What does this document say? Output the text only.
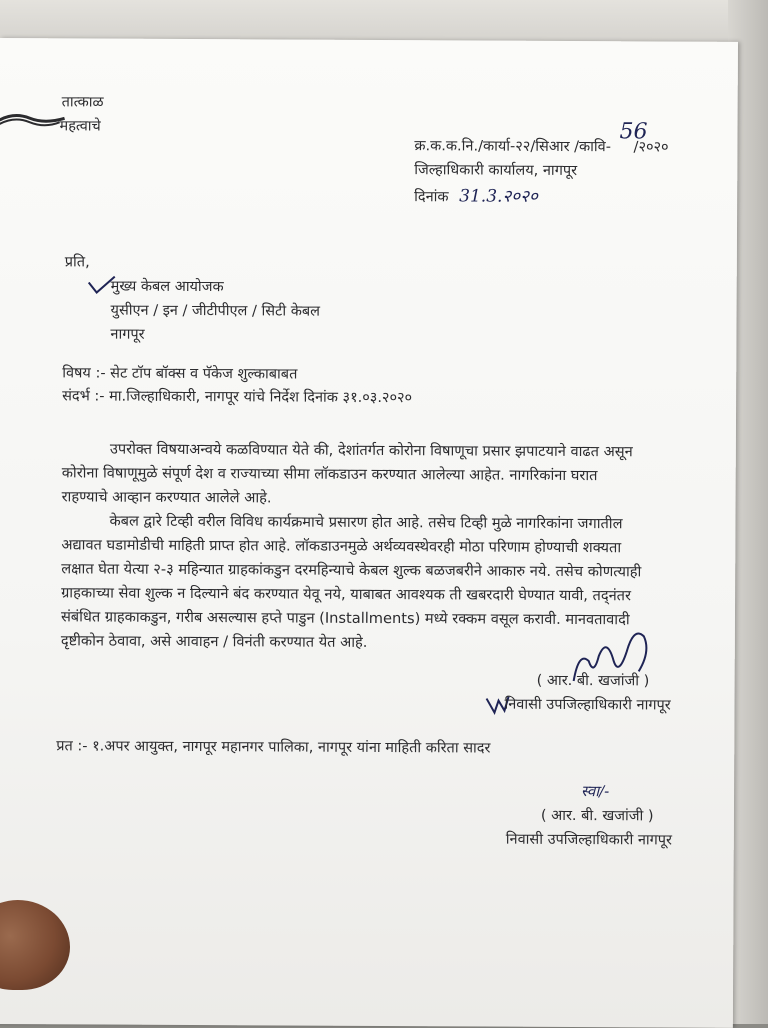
तात्काळ
महत्वाचे
क्र.क.क.नि./कार्या-२२/सिआर /कावि- /२०२०
56
जिल्हाधिकारी कार्यालय, नागपूर
दिनांक 31.3.२०२०
प्रति,
मुख्य केबल आयोजक
युसीएन / इन / जीटीपीएल / सिटी केबल
नागपूर
विषय :- सेट टॉप बॉक्स व पॅकेज शुल्काबाबत
संदर्भ :- मा.जिल्हाधिकारी, नागपूर यांचे निर्देश दिनांक ३१.०३.२०२०
उपरोक्त विषयाअन्वये कळविण्यात येते की, देशांतर्गत कोरोना विषाणूचा प्रसार झपाटयाने वाढत असून
कोरोना विषाणूमुळे संपूर्ण देश व राज्याच्या सीमा लॉकडाउन करण्यात आलेल्या आहेत. नागरिकांना घरात
राहण्याचे आव्हान करण्यात आलेले आहे.
केबल द्वारे टिव्ही वरील विविध कार्यक्रमाचे प्रसारण होत आहे. तसेच टिव्ही मुळे नागरिकांना जगातील
अद्यावत घडामोडीची माहिती प्राप्त होत आहे. लॉकडाउनमुळे अर्थव्यवस्थेवरही मोठा परिणाम होण्याची शक्यता
लक्षात घेता येत्या २-३ महिन्यात ग्राहकांकडुन दरमहिन्याचे केबल शुल्क बळजबरीने आकारु नये. तसेच कोणत्याही
ग्राहकाच्या सेवा शुल्क न दिल्याने बंद करण्यात येवू नये, याबाबत आवश्यक ती खबरदारी घेण्यात यावी, तद्नंतर
संबंधित ग्राहकाकडुन, गरीब असल्यास हप्ते पाडुन (Installments) मध्ये रक्कम वसूल करावी. मानवतावादी
दृष्टीकोन ठेवावा, असे आवाहन / विनंती करण्यात येत आहे.
( आर. बी. खजांजी )
निवासी उपजिल्हाधिकारी नागपूर
प्रत :- १.अपर आयुक्त, नागपूर महानगर पालिका, नागपूर यांना माहिती करिता सादर
स्वा/-
( आर. बी. खजांजी )
निवासी उपजिल्हाधिकारी नागपूर
